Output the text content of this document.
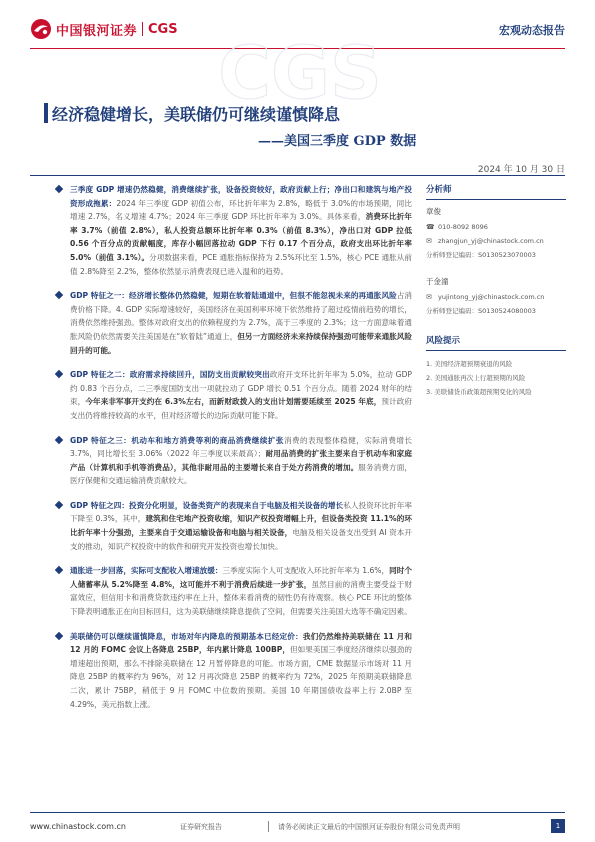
中国银河证券 CGS	宏观动态报告
CGS
经济稳健增长，美联储仍可继续谨慎降息
——美国三季度 GDP 数据
2024 年 10 月 30 日
三季度 GDP 增速仍然稳健，消费继续扩张，设备投资较好，政府贡献上行；净出口和建筑与地产投资形成拖累：2024 年三季度 GDP 初值公布，环比折年率为 2.8%，略低于 3.0%的市场预期，同比增速 2.7%，名义增速 4.7%；2024 年三季度 GDP 环比折年率为 3.0%。具体来看，消费环比折年率 3.7%（前值 2.8%），私人投资总额环比折年率 0.3%（前值 8.3%），净出口对 GDP 拉低 0.56 个百分点的贡献幅度，库存小幅回落拉动 GDP 下行 0.17 个百分点，政府支出环比折年率 5.0%（前值 3.1%）。分项数据来看，PCE 通胀指标保持为 2.5%环比至 1.5%，核心 PCE 通胀从前值 2.8%降至 2.2%，整体依然显示消费表现已进入温和的趋势。
GDP 特征之一：经济增长整体仍然稳健，短期在软着陆通道中，但很不能忽视未来的再通胀风险占消费价格下降。4. GDP 实际增速较好，美国经济在美国利率环境下依然维持了超过疫情前趋势的增长，消费依然维持强劲。整体对政府支出的依赖程度约为 2.7%，高于三季度的 2.3%；这一方面意味着通胀风险仍依然需要关注美国是在“软着陆”通道上，但另一方面经济未来持续保持强劲可能带来通胀风险回升的可能。
GDP 特征之二：政府需求持续回升，国防支出贡献较突出政府开支环比折年率为 5.0%，拉动 GDP 约 0.83 个百分点，二三季度国防支出一项就拉动了 GDP 增长 0.51 个百分点。随着 2024 财年的结束，今年来非军事开支约在 6.3%左右，而新财政拨入的支出计划需要延续至 2025 年底，预计政府支出仍将维持较高的水平，但对经济增长的边际贡献可能下降。
GDP 特征之三：机动车和地方消费等利的商品消费继续扩张消费的表现整体稳健，实际消费增长 3.7%，同比增长至 3.06%（2022 年三季度以来最高）；耐用品消费的扩张主要来自于机动车和家庭产品（计算机和手机等消费品），其他非耐用品的主要增长来自于处方药消费的增加。服务消费方面，医疗保健和交通运输消费贡献较大。
GDP 特征之四：投资分化明显，设备类资产的表现来自于电脑及相关设备的增长私人投资环比折年率下降至 0.3%，其中，建筑和住宅地产投资收缩，知识产权投资增幅上升，但设备类投资 11.1%的环比折年率十分强劲，主要来自于交通运输设备和电脑与相关设备，电脑及相关设备支出受到 AI 资本开支的推动，知识产权投资中的软件和研究开发投资也增长加快。
通胀进一步回落，实际可支配收入增速放缓：三季度实际个人可支配收入环比折年率为 1.6%，同时个人储蓄率从 5.2%降至 4.8%，这可能并不利于消费后续进一步扩张，虽然目前的消费主要受益于财富效应，但信用卡和消费贷款违约率在上升，整体来看消费的韧性仍有待观察。核心 PCE 环比的整体下降表明通胀正在向目标回归，这为美联储继续降息提供了空间，但需要关注美国大选等不确定因素。
美联储仍可以继续谨慎降息，市场对年内降息的预期基本已经定价：我们仍然维持美联储在 11 月和 12 月的 FOMC 会议上各降息 25BP，年内累计降息 100BP，但如果美国三季度经济继续以强劲的增速超出预期，那么不排除美联储在 12 月暂停降息的可能。市场方面，CME 数据显示市场对 11 月降息 25BP 的概率约为 96%，对 12 月再次降息 25BP 的概率约为 72%，2025 年预期美联储降息二次，累计 75BP，稍低于 9 月 FOMC 中位数的预期。美国 10 年期国债收益率上行 2.0BP 至 4.29%，美元指数上涨。
分析师
章俊
☎ 010-8092 8096
✉ zhangjun_yj@chinastock.com.cn
分析师登记编码： S0130523070003
于金潼
✉ yujintong_yj@chinastock.com.cn
分析师登记编码： S0130524080003
风险提示
1. 美国经济超预期衰退的风险
2. 美国通胀再次上行超预期的风险
3. 美联储货币政策超预期变化的风险
www.chinastock.com.cn	证券研究报告	请务必阅读正文最后的中国银河证券股份有限公司免责声明	1
